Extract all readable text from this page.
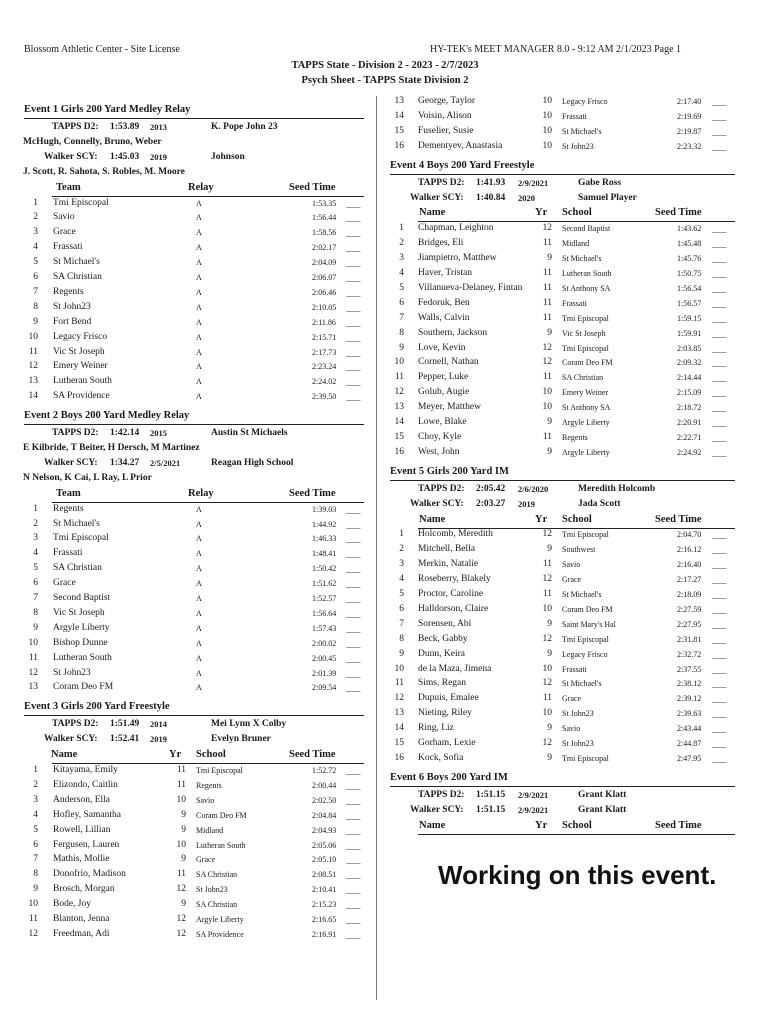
Blossom Athletic Center - Site License	HY-TEK's MEET MANAGER 8.0 - 9:12 AM 2/1/2023 Page 1
TAPPS State - Division 2 - 2023 - 2/7/2023
Psych Sheet - TAPPS State Division 2
Event 1 Girls 200 Yard Medley Relay
TAPPS D2: 1:53.89 2013	K. Pope John 23
McHugh, Connelly, Bruno, Weber
Walker SCY: 1:45.03 2019	Johnson
J. Scott, R. Sahota, S. Robles, M. Moore
Team	Relay	Seed Time
1 Tmi Episcopal	A	1:53.35 ____
2 Savio	A	1:56.44 ____
3 Grace	A	1:58.56 ____
4 Frassati	A	2:02.17 ____
5 St Michael's	A	2:04.09 ____
6 SA Christian	A	2:06.07 ____
7 Regents	A	2:06.46 ____
8 St John23	A	2:10.05 ____
9 Fort Bend	A	2:11.86 ____
10 Legacy Frisco	A	2:15.71 ____
11 Vic St Joseph	A	2:17.73 ____
12 Emery Weiner	A	2:23.24 ____
13 Lutheran South	A	2:24.02 ____
14 SA Providence	A	2:39.50 ____
Event 2 Boys 200 Yard Medley Relay
TAPPS D2: 1:42.14 2015	Austin St Michaels
E Kilbride, T Beiter, H Dersch, M Martinez
Walker SCY: 1:34.27 2/5/2021	Reagan High School
N Nelson, K Cai, L Ray, L Prior
Team	Relay	Seed Time
1 Regents	A	1:39.03 ____
2 St Michael's	A	1:44.92 ____
3 Tmi Episcopal	A	1:46.33 ____
4 Frassati	A	1:48.41 ____
5 SA Christian	A	1:50.42 ____
6 Grace	A	1:51.62 ____
7 Second Baptist	A	1:52.57 ____
8 Vic St Joseph	A	1:56.64 ____
9 Argyle Liberty	A	1:57.43 ____
10 Bishop Dunne	A	2:00.02 ____
11 Lutheran South	A	2:00.45 ____
12 St John23	A	2:01.39 ____
13 Coram Deo FM	A	2:09.54 ____
Event 3 Girls 200 Yard Freestyle
TAPPS D2: 1:51.49 2014	Mei Lynn X Colby
Walker SCY: 1:52.41 2019	Evelyn Bruner
Name	Yr School	Seed Time
1 Kitayama, Emily	11 Tmi Episcopal	1:52.72 ____
2 Elizondo, Caitlin	11 Regents	2:00.44 ____
3 Anderson, Ella	10 Savio	2:02.50 ____
4 Hofley, Samantha	9 Coram Deo FM	2:04.84 ____
5 Rowell, Lillian	9 Midland	2:04.93 ____
6 Fergusen, Lauren	10 Lutheran South	2:05.06 ____
7 Mathis, Mollie	9 Grace	2:05.10 ____
8 Donofrio, Madison	11 SA Christian	2:08.51 ____
9 Brosch, Morgan	12 St John23	2:10.41 ____
10 Bode, Joy	9 SA Christian	2:15.23 ____
11 Blanton, Jenna	12 Argyle Liberty	2:16.65 ____
12 Freedman, Adi	12 SA Providence	2:16.91 ____
13 George, Taylor	10 Legacy Frisco	2:17.40 ____
14 Voisin, Alison	10 Frassati	2:19.69 ____
15 Fuselier, Susie	10 St Michael's	2:19.87 ____
16 Dementyev, Anastasia	10 St John23	2:23.32 ____
Event 4 Boys 200 Yard Freestyle
TAPPS D2: 1:41.93 2/9/2021	Gabe Ross
Walker SCY: 1:40.84 2020	Samuel Player
Name	Yr School	Seed Time
1 Chapman, Leighton	12 Second Baptist	1:43.62 ____
2 Bridges, Eli	11 Midland	1:45.48 ____
3 Jiampietro, Matthew	9 St Michael's	1:45.76 ____
4 Haver, Tristan	11 Lutheran South	1:50.75 ____
5 Villanueva-Delaney, Fintan	11 St Anthony SA	1:56.54 ____
6 Fedoruk, Ben	11 Frassati	1:56.57 ____
7 Walls, Calvin	11 Tmi Episcopal	1:59.15 ____
8 Southern, Jackson	9 Vic St Joseph	1:59.91 ____
9 Love, Kevin	12 Tmi Episcopal	2:03.85 ____
10 Cornell, Nathan	12 Coram Deo FM	2:09.32 ____
11 Pepper, Luke	11 SA Christian	2:14.44 ____
12 Golub, Augie	10 Emery Weiner	2:15.09 ____
13 Meyer, Matthew	10 St Anthony SA	2:18.72 ____
14 Lowe, Blake	9 Argyle Liberty	2:20.91 ____
15 Choy, Kyle	11 Regents	2:22.71 ____
16 West, John	9 Argyle Liberty	2:24.92 ____
Event 5 Girls 200 Yard IM
TAPPS D2: 2:05.42 2/6/2020	Meredith Holcomb
Walker SCY: 2:03.27 2019	Jada Scott
Name	Yr School	Seed Time
1 Holcomb, Meredith	12 Tmi Episcopal	2:04.70 ____
2 Mitchell, Bella	9 Southwest	2:16.12 ____
3 Merkin, Natalie	11 Savio	2:16.40 ____
4 Roseberry, Blakely	12 Grace	2:17.27 ____
5 Proctor, Caroline	11 St Michael's	2:18.09 ____
6 Halldorson, Claire	10 Coram Deo FM	2:27.59 ____
7 Sorensen, Abi	9 Saint Mary's Hal	2:27.95 ____
8 Beck, Gabby	12 Tmi Episcopal	2:31.81 ____
9 Dunn, Keira	9 Legacy Frisco	2:32.72 ____
10 de la Maza, Jimena	10 Frassati	2:37.55 ____
11 Sims, Regan	12 St Michael's	2:38.12 ____
12 Dupuis, Emalee	11 Grace	2:39.12 ____
13 Nieting, Riley	10 St John23	2:39.63 ____
14 Ring, Liz	9 Savio	2:43.44 ____
15 Gorham, Lexie	12 St John23	2:44.87 ____
16 Kock, Sofia	9 Tmi Episcopal	2:47.95 ____
Event 6 Boys 200 Yard IM
TAPPS D2: 1:51.15 2/9/2021	Grant Klatt
Walker SCY: 1:51.15 2/9/2021	Grant Klatt
Name	Yr School	Seed Time
Working on this event.
